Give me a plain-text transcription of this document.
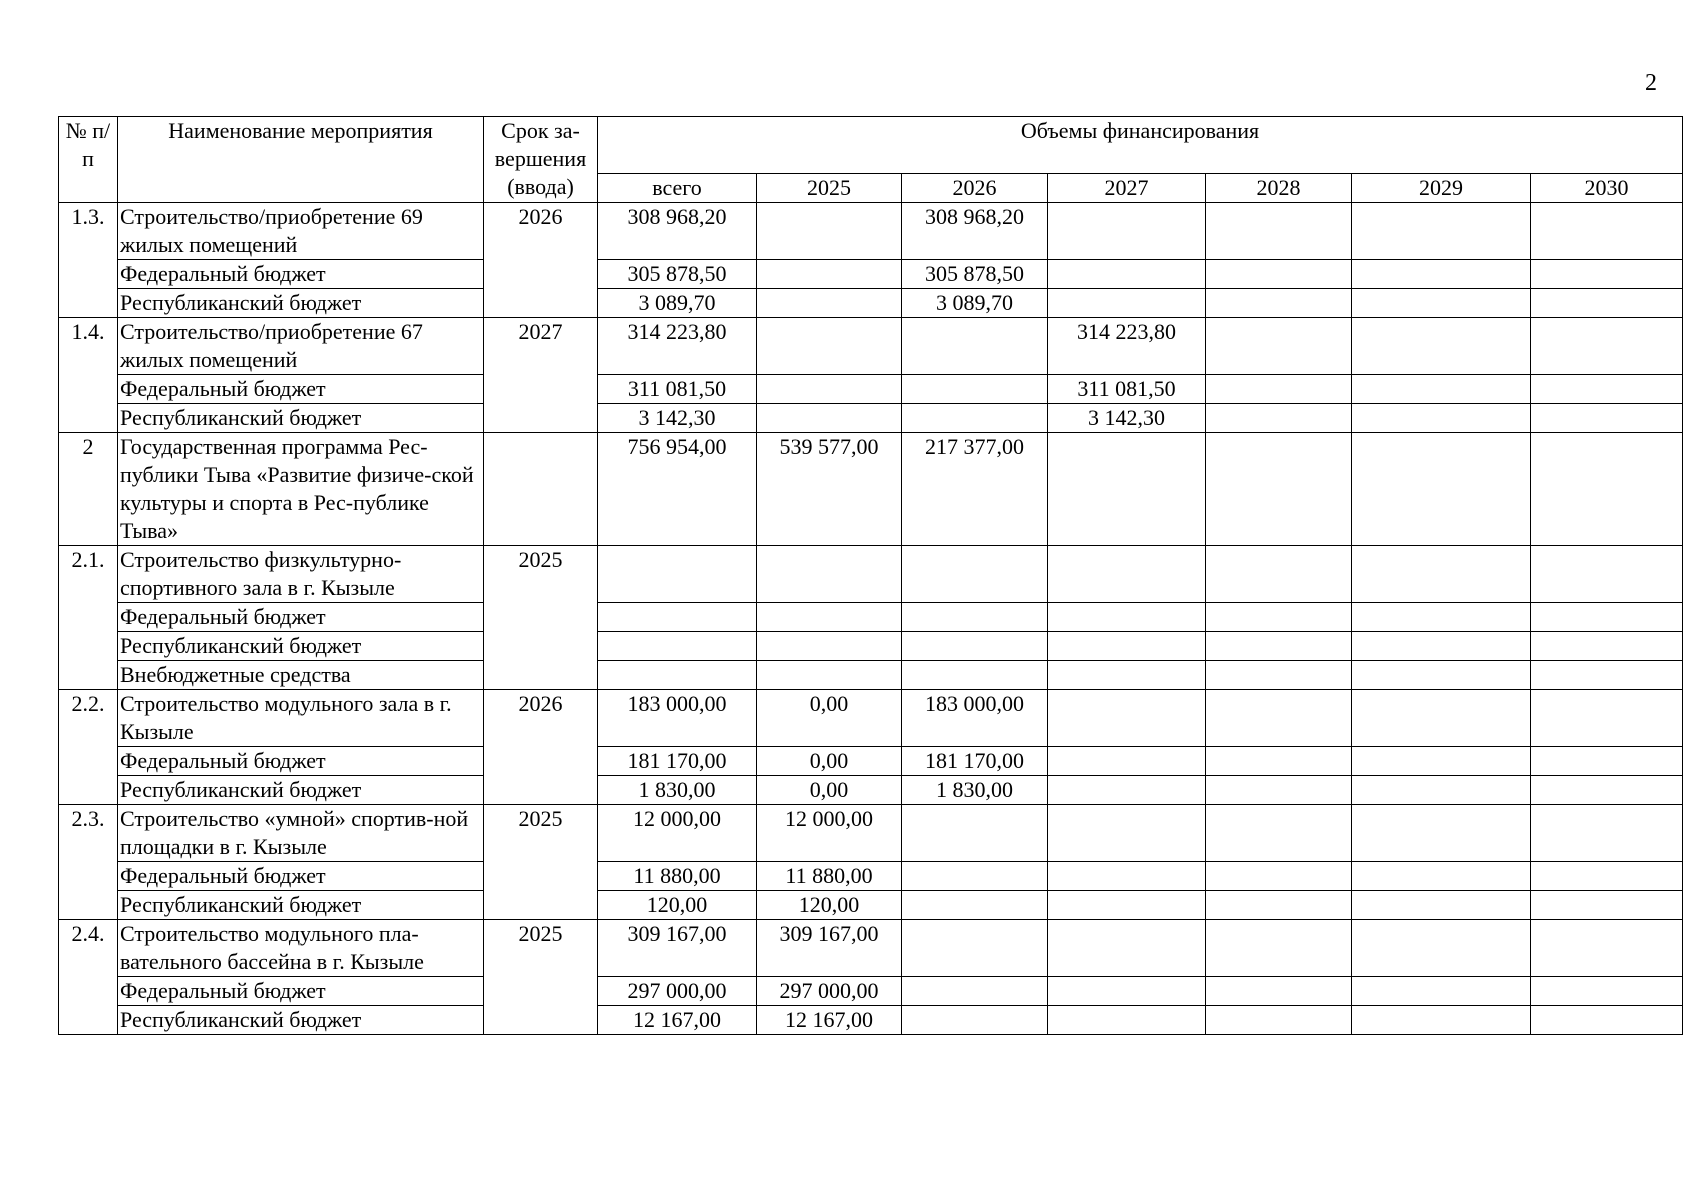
2
№ п/п	Наименование мероприятия	Срок за-вершения (ввода)	Объемы финансирования						
			всего	2025	2026	2027	2028	2029	2030
1.3.	Строительство/приобретение 69 жилых помещений	2026	308 968,20		308 968,20				
	Федеральный бюджет		305 878,50		305 878,50				
	Республиканский бюджет		3 089,70		3 089,70				
1.4.	Строительство/приобретение 67 жилых помещений	2027	314 223,80			314 223,80			
	Федеральный бюджет		311 081,50			311 081,50			
	Республиканский бюджет		3 142,30			3 142,30			
2	Государственная программа Рес-публики Тыва «Развитие физиче-ской культуры и спорта в Рес-публике Тыва»		756 954,00	539 577,00	217 377,00				
2.1.	Строительство физкультурно-спортивного зала в г. Кызыле	2025							
	Федеральный бюджет								
	Республиканский бюджет								
	Внебюджетные средства								
2.2.	Строительство модульного зала в г. Кызыле	2026	183 000,00	0,00	183 000,00				
	Федеральный бюджет		181 170,00	0,00	181 170,00				
	Республиканский бюджет		1 830,00	0,00	1 830,00				
2.3.	Строительство «умной» спортив-ной площадки в г. Кызыле	2025	12 000,00	12 000,00					
	Федеральный бюджет		11 880,00	11 880,00					
	Республиканский бюджет		120,00	120,00					
2.4.	Строительство модульного пла-вательного бассейна в г. Кызыле	2025	309 167,00	309 167,00					
	Федеральный бюджет		297 000,00	297 000,00					
	Республиканский бюджет		12 167,00	12 167,00					
